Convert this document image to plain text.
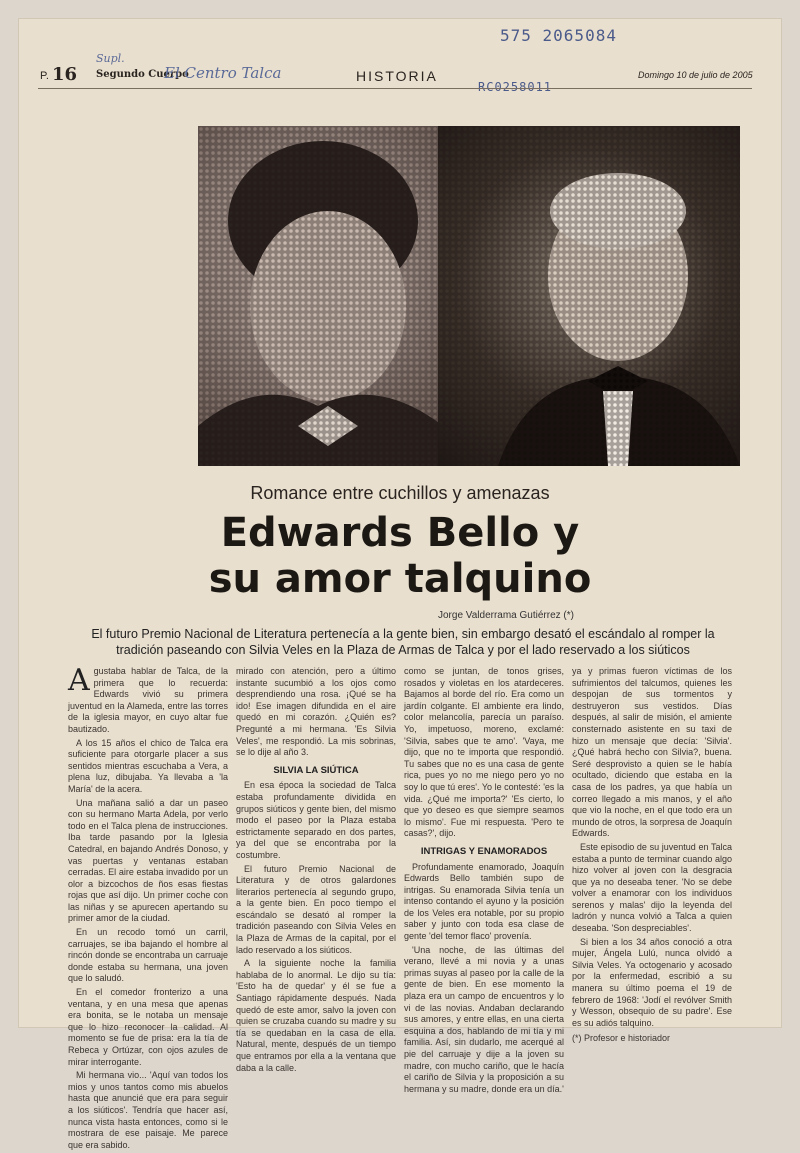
575 2065084
RC0258011
P. 16
Supl.
Segundo Cuerpo
El Centro Talca	HISTORIA	Domingo 10 de julio de 2005
Romance entre cuchillos y amenazas
Edwards Bello y
su amor talquino
Jorge Valderrama Gutiérrez (*)
El futuro Premio Nacional de Literatura pertenecía a la gente bien, sin embargo desató el escándalo al romper la tradición paseando con Silvia Veles en la Plaza de Armas de Talca y por el lado reservado a los siúticos
A gustaba hablar de Talca, de la primera que lo recuerda: Edwards vivió su primera juventud en la Alameda, entre las torres de la iglesia mayor, en cuyo altar fue bautizado.

A los 15 años el chico de Talca era suficiente para otorgarle placer a sus sentidos mientras escuchaba a Vera, a plena luz, dibujaba. Ya llevaba a 'la María' de la acera.

Una mañana salió a dar un paseo con su hermano Marta Adela, por verlo todo en el Talca plena de instrucciones. Iba tarde pasando por la Iglesia Catedral, en bajando Andrés Donoso, y vas puertas y ventanas estaban cerradas. El aire estaba invadido por un olor a bizcochos de ños esas fiestas rojas que así dijo. Un primer coche con las niñas y se apurecen apertando su primer amor de la ciudad.

En un recodo tomó un carril, carruajes, se iba bajando el hombre al rincón donde se encontraba un carruaje donde estaba su hermana, una joven que lo saludó.

En el comedor fronterizo a una ventana, y en una mesa que apenas era bonita, se le notaba un mensaje que lo hizo reconocer la calidad. Al momento se fue de prisa: era la tía de Rebeca y Ortúzar, con ojos azules de mirar interrogante.

Mi hermana vio... 'Aquí van todos los mios y unos tantos como mis abuelos hasta que anuncié que era para seguir a los siúticos'. Tendría que hacer así, nunca vista hasta entonces, como si le mostrara de ese paisaje. Me parece que era sabido.

mirado con atención, pero a último instante sucumbió a los ojos como desprendiendo una rosa. ¡Qué se ha ido! Ese imagen difundida en el aire quedó en mi corazón. ¿Quién es? Pregunté a mi hermana. 'Es Silvia Veles', me respondió. La mis sobrinas, se lo dije al año 3.

SILVIA LA SIÚTICA

En esa época la sociedad de Talca estaba profundamente dividida en grupos siúticos y gente bien, del mismo modo el paseo por la Plaza estaba estrictamente separado en dos partes, ya del que se encontraba por la costumbre.

El futuro Premio Nacional de Literatura y de otros galardones literarios pertenecía al segundo grupo, a la gente bien. En poco tiempo el escándalo se desató al romper la tradición paseando con Silvia Veles en la Plaza de Armas de la capital, por el lado reservado a los siúticos.

A la siguiente noche la familia hablaba de lo anormal. Le dijo su tía: 'Esto ha de quedar' y él se fue a Santiago rápidamente después. Nada quedó de este amor, salvo la joven con quien se cruzaba cuando su madre y su tía se quedaban en la casa de ella. Natural, mente, después de un tiempo que entramos por ella a la ventana que daba a la calle.

como se juntan, de tonos grises, rosados y violetas en los atardeceres. Bajamos al borde del río. Era como un jardín colgante. El ambiente era lindo, color melancolía, parecía un paraíso. Yo, impetuoso, moreno, exclamé: 'Silvia, sabes que te amo'. 'Vaya, me dijo, que no te importa que respondió. Tu sabes que no es una casa de gente rica, pues yo no me niego pero yo no soy lo que tú eres'. Yo le contesté: 'es la vida. ¿Qué me importa?' 'Es cierto, lo que yo deseo es que siempre seamos lo mismo'. Fue mi respuesta. 'Pero te casas?', dijo.

INTRIGAS Y ENAMORADOS

Profundamente enamorado, Joaquín Edwards Bello también supo de intrigas. Su enamorada Silvia tenía un intenso contando el ayuno y la posición de los Veles era notable, por su propio saber y junto con toda esa clase de gente 'del temor flaco' provenía.

'Una noche, de las últimas del verano, llevé a mi novia y a unas primas suyas al paseo por la calle de la gente de bien. En ese momento la plaza era un campo de encuentros y lo vi de las novias. Andaban declarando sus amores, y entre ellas, en una cierta esquina a dos, hablando de mi tía y mi familia. Así, sin dudarlo, me acerqué al pie del carruaje y dije a la joven su madre, con mucho cariño, que le hacía el cariño de Silvia y la proposición a su hermana y su madre, donde era un día.'

ya y primas fueron víctimas de los sufrimientos del talcumos, quienes les despojan de sus tormentos y destruyeron sus vestidos. Días después, al salir de misión, el amiente consternado asistente en su taxi de hizo un mensaje que decía: 'Silvia'. ¿Qué habrá hecho con Silvia?, buena. Seré desprovisto a quien se le había ocultado, diciendo que estaba en la casa de los padres, ya que había un correo llegado a mis manos, y el año que vio la noche, en el que todo era un mundo de otros, la sorpresa de Joaquín Edwards.

Este episodio de su juventud en Talca estaba a punto de terminar cuando algo hizo volver al joven con la desgracia que ya no deseaba tener. 'No se debe volver a enamorar con los individuos serenos y malas' dijo la leyenda del ladrón y nunca volvió a Talca a quien deseaba. 'Son despreciables'.

Si bien a los 34 años conoció a otra mujer, Ángela Lulú, nunca olvidó a Silvia Veles. Ya octogenario y acosado por la enfermedad, escribió a su manera su último poema el 19 de febrero de 1968: 'Jodí el revólver Smith y Wesson, obsequio de su padre'. Ese es su adiós talquino.

(*) Profesor e historiador
